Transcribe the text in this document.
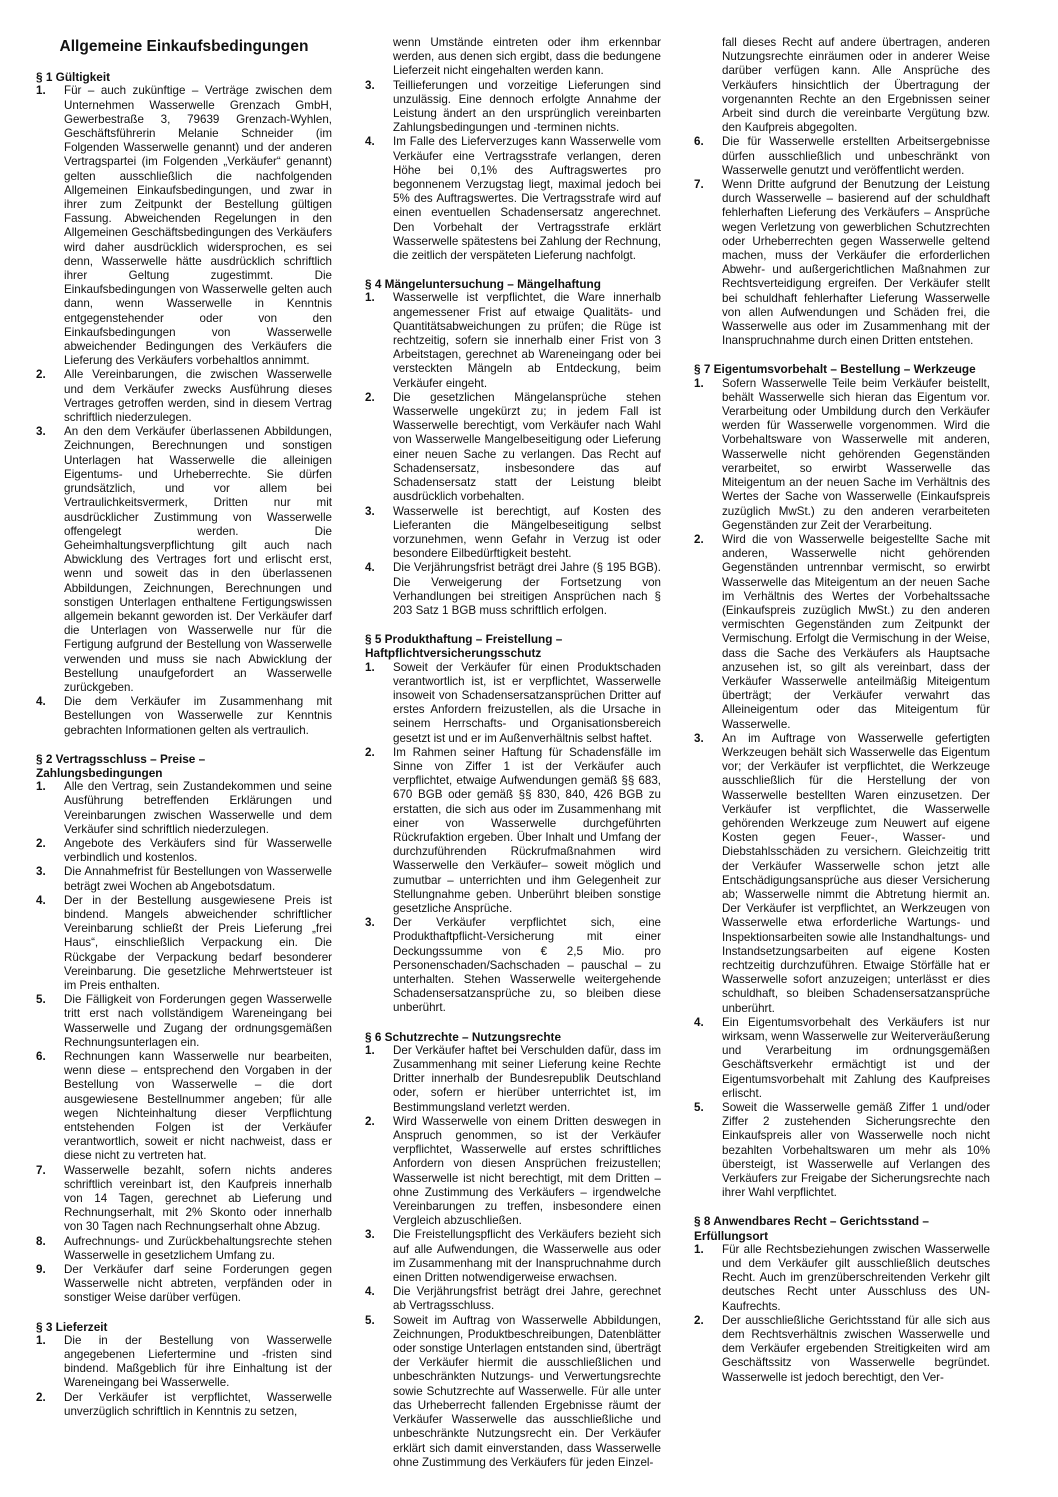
Allgemeine Einkaufsbedingungen
§ 1 Gültigkeit
1.	Für – auch zukünftige – Verträge zwischen dem Unternehmen Wasserwelle Grenzach GmbH, Gewerbestraße 3, 79639 Grenzach-Wyhlen, Geschäftsführerin Melanie Schneider (im Folgenden Wasserwelle genannt) und der anderen Vertragspartei (im Folgenden „Verkäufer“ genannt) gelten ausschließlich die nachfolgenden Allgemeinen Einkaufsbedingungen, und zwar in ihrer zum Zeitpunkt der Bestellung gültigen Fassung. Abweichenden Regelungen in den Allgemeinen Geschäftsbedingungen des Verkäufers wird daher ausdrücklich widersprochen, es sei denn, Wasserwelle hätte ausdrücklich schriftlich ihrer Geltung zugestimmt. Die Einkaufsbedingungen von Wasserwelle gelten auch dann, wenn Wasserwelle in Kenntnis entgegenstehender oder von den Einkaufsbedingungen von Wasserwelle abweichender Bedingungen des Verkäufers die Lieferung des Verkäufers vorbehaltlos annimmt.
2.	Alle Vereinbarungen, die zwischen Wasserwelle und dem Verkäufer zwecks Ausführung dieses Vertrages getroffen werden, sind in diesem Vertrag schriftlich niederzulegen.
3.	An den dem Verkäufer überlassenen Abbildungen, Zeichnungen, Berechnungen und sonstigen Unterlagen hat Wasserwelle die alleinigen Eigentums- und Urheberrechte. Sie dürfen grundsätzlich, und vor allem bei Vertraulichkeitsvermerk, Dritten nur mit ausdrücklicher Zustimmung von Wasserwelle offengelegt werden. Die Geheimhaltungsverpflichtung gilt auch nach Abwicklung des Vertrages fort und erlischt erst, wenn und soweit das in den überlassenen Abbildungen, Zeichnungen, Berechnungen und sonstigen Unterlagen enthaltene Fertigungswissen allgemein bekannt geworden ist. Der Verkäufer darf die Unterlagen von Wasserwelle nur für die Fertigung aufgrund der Bestellung von Wasserwelle verwenden und muss sie nach Abwicklung der Bestellung unaufgefordert an Wasserwelle zurückgeben.
4.	Die dem Verkäufer im Zusammenhang mit Bestellungen von Wasserwelle zur Kenntnis gebrachten Informationen gelten als vertraulich.
§ 2 Vertragsschluss – Preise – Zahlungsbedingungen
1.	Alle den Vertrag, sein Zustandekommen und seine Ausführung betreffenden Erklärungen und Vereinbarungen zwischen Wasserwelle und dem Verkäufer sind schriftlich niederzulegen.
2.	Angebote des Verkäufers sind für Wasserwelle verbindlich und kostenlos.
3.	Die Annahmefrist für Bestellungen von Wasserwelle beträgt zwei Wochen ab Angebotsdatum.
4.	Der in der Bestellung ausgewiesene Preis ist bindend. Mangels abweichender schriftlicher Vereinbarung schließt der Preis Lieferung „frei Haus“, einschließlich Verpackung ein. Die Rückgabe der Verpackung bedarf besonderer Vereinbarung. Die gesetzliche Mehrwertsteuer ist im Preis enthalten.
5.	Die Fälligkeit von Forderungen gegen Wasserwelle tritt erst nach vollständigem Wareneingang bei Wasserwelle und Zugang der ordnungsgemäßen Rechnungsunterlagen ein.
6.	Rechnungen kann Wasserwelle nur bearbeiten, wenn diese – entsprechend den Vorgaben in der Bestellung von Wasserwelle – die dort ausgewiesene Bestellnummer angeben; für alle wegen Nichteinhaltung dieser Verpflichtung entstehenden Folgen ist der Verkäufer verantwortlich, soweit er nicht nachweist, dass er diese nicht zu vertreten hat.
7.	Wasserwelle bezahlt, sofern nichts anderes schriftlich vereinbart ist, den Kaufpreis innerhalb von 14 Tagen, gerechnet ab Lieferung und Rechnungserhalt, mit 2% Skonto oder innerhalb von 30 Tagen nach Rechnungserhalt ohne Abzug.
8.	Aufrechnungs- und Zurückbehaltungsrechte stehen Wasserwelle in gesetzlichem Umfang zu.
9.	Der Verkäufer darf seine Forderungen gegen Wasserwelle nicht abtreten, verpfänden oder in sonstiger Weise darüber verfügen.
§ 3 Lieferzeit
1.	Die in der Bestellung von Wasserwelle angegebenen Liefertermine und -fristen sind bindend. Maßgeblich für ihre Einhaltung ist der Wareneingang bei Wasserwelle.
2.	Der Verkäufer ist verpflichtet, Wasserwelle unverzüglich schriftlich in Kenntnis zu setzen,
wenn Umstände eintreten oder ihm erkennbar werden, aus denen sich ergibt, dass die bedungene Lieferzeit nicht eingehalten werden kann.
3.	Teillieferungen und vorzeitige Lieferungen sind unzulässig. Eine dennoch erfolgte Annahme der Leistung ändert an den ursprünglich vereinbarten Zahlungsbedingungen und -terminen nichts.
4.	Im Falle des Lieferverzuges kann Wasserwelle vom Verkäufer eine Vertragsstrafe verlangen, deren Höhe bei 0,1% des Auftragswertes pro begonnenem Verzugstag liegt, maximal jedoch bei 5% des Auftragswertes. Die Vertragsstrafe wird auf einen eventuellen Schadensersatz angerechnet. Den Vorbehalt der Vertragsstrafe erklärt Wasserwelle spätestens bei Zahlung der Rechnung, die zeitlich der verspäteten Lieferung nachfolgt.
§ 4 Mängeluntersuchung – Mängelhaftung
1.	Wasserwelle ist verpflichtet, die Ware innerhalb angemessener Frist auf etwaige Qualitäts- und Quantitätsabweichungen zu prüfen; die Rüge ist rechtzeitig, sofern sie innerhalb einer Frist von 3 Arbeitstagen, gerechnet ab Wareneingang oder bei versteckten Mängeln ab Entdeckung, beim Verkäufer eingeht.
2.	Die gesetzlichen Mängelansprüche stehen Wasserwelle ungekürzt zu; in jedem Fall ist Wasserwelle berechtigt, vom Verkäufer nach Wahl von Wasserwelle Mangelbeseitigung oder Lieferung einer neuen Sache zu verlangen. Das Recht auf Schadensersatz, insbesondere das auf Schadensersatz statt der Leistung bleibt ausdrücklich vorbehalten.
3.	Wasserwelle ist berechtigt, auf Kosten des Lieferanten die Mängelbeseitigung selbst vorzunehmen, wenn Gefahr in Verzug ist oder besondere Eilbedürftigkeit besteht.
4.	Die Verjährungsfrist beträgt drei Jahre (§ 195 BGB). Die Verweigerung der Fortsetzung von Verhandlungen bei streitigen Ansprüchen nach § 203 Satz 1 BGB muss schriftlich erfolgen.
§ 5 Produkthaftung – Freistellung – Haftpflichtversicherungsschutz
1.	Soweit der Verkäufer für einen Produktschaden verantwortlich ist, ist er verpflichtet, Wasserwelle insoweit von Schadensersatzansprüchen Dritter auf erstes Anfordern freizustellen, als die Ursache in seinem Herrschafts- und Organisationsbereich gesetzt ist und er im Außenverhältnis selbst haftet.
2.	Im Rahmen seiner Haftung für Schadensfälle im Sinne von Ziffer 1 ist der Verkäufer auch verpflichtet, etwaige Aufwendungen gemäß §§ 683, 670 BGB oder gemäß §§ 830, 840, 426 BGB zu erstatten, die sich aus oder im Zusammenhang mit einer von Wasserwelle durchgeführten Rückrufaktion ergeben. Über Inhalt und Umfang der durchzuführenden Rückrufmaßnahmen wird Wasserwelle den Verkäufer– soweit möglich und zumutbar – unterrichten und ihm Gelegenheit zur Stellungnahme geben. Unberührt bleiben sonstige gesetzliche Ansprüche.
3.	Der Verkäufer verpflichtet sich, eine Produkthaftpflicht-Versicherung mit einer Deckungssumme von € 2,5 Mio. pro Personenschaden/Sachschaden – pauschal – zu unterhalten. Stehen Wasserwelle weitergehende Schadensersatzansprüche zu, so bleiben diese unberührt.
§ 6 Schutzrechte – Nutzungsrechte
1.	Der Verkäufer haftet bei Verschulden dafür, dass im Zusammenhang mit seiner Lieferung keine Rechte Dritter innerhalb der Bundesrepublik Deutschland oder, sofern er hierüber unterrichtet ist, im Bestimmungsland verletzt werden.
2.	Wird Wasserwelle von einem Dritten deswegen in Anspruch genommen, so ist der Verkäufer verpflichtet, Wasserwelle auf erstes schriftliches Anfordern von diesen Ansprüchen freizustellen; Wasserwelle ist nicht berechtigt, mit dem Dritten – ohne Zustimmung des Verkäufers – irgendwelche Vereinbarungen zu treffen, insbesondere einen Vergleich abzuschließen.
3.	Die Freistellungspflicht des Verkäufers bezieht sich auf alle Aufwendungen, die Wasserwelle aus oder im Zusammenhang mit der Inanspruchnahme durch einen Dritten notwendigerweise erwachsen.
4.	Die Verjährungsfrist beträgt drei Jahre, gerechnet ab Vertragsschluss.
5.	Soweit im Auftrag von Wasserwelle Abbildungen, Zeichnungen, Produktbeschreibungen, Datenblätter oder sonstige Unterlagen entstanden sind, überträgt der Verkäufer hiermit die ausschließlichen und unbeschränkten Nutzungs- und Verwertungsrechte sowie Schutzrechte auf Wasserwelle. Für alle unter das Urheberrecht fallenden Ergebnisse räumt der Verkäufer Wasserwelle das ausschließliche und unbeschränkte Nutzungsrecht ein. Der Verkäufer erklärt sich damit einverstanden, dass Wasserwelle ohne Zustimmung des Verkäufers für jeden Einzel-
fall dieses Recht auf andere übertragen, anderen Nutzungsrechte einräumen oder in anderer Weise darüber verfügen kann. Alle Ansprüche des Verkäufers hinsichtlich der Übertragung der vorgenannten Rechte an den Ergebnissen seiner Arbeit sind durch die vereinbarte Vergütung bzw. den Kaufpreis abgegolten.
6.	Die für Wasserwelle erstellten Arbeitsergebnisse dürfen ausschließlich und unbeschränkt von Wasserwelle genutzt und veröffentlicht werden.
7.	Wenn Dritte aufgrund der Benutzung der Leistung durch Wasserwelle – basierend auf der schuldhaft fehlerhaften Lieferung des Verkäufers – Ansprüche wegen Verletzung von gewerblichen Schutzrechten oder Urheberrechten gegen Wasserwelle geltend machen, muss der Verkäufer die erforderlichen Abwehr- und außergerichtlichen Maßnahmen zur Rechtsverteidigung ergreifen. Der Verkäufer stellt bei schuldhaft fehlerhafter Lieferung Wasserwelle von allen Aufwendungen und Schäden frei, die Wasserwelle aus oder im Zusammenhang mit der Inanspruchnahme durch einen Dritten entstehen.
§ 7 Eigentumsvorbehalt – Bestellung – Werkzeuge
1.	Sofern Wasserwelle Teile beim Verkäufer beistellt, behält Wasserwelle sich hieran das Eigentum vor. Verarbeitung oder Umbildung durch den Verkäufer werden für Wasserwelle vorgenommen. Wird die Vorbehaltsware von Wasserwelle mit anderen, Wasserwelle nicht gehörenden Gegenständen verarbeitet, so erwirbt Wasserwelle das Miteigentum an der neuen Sache im Verhältnis des Wertes der Sache von Wasserwelle (Einkaufspreis zuzüglich MwSt.) zu den anderen verarbeiteten Gegenständen zur Zeit der Verarbeitung.
2.	Wird die von Wasserwelle beigestellte Sache mit anderen, Wasserwelle nicht gehörenden Gegenständen untrennbar vermischt, so erwirbt Wasserwelle das Miteigentum an der neuen Sache im Verhältnis des Wertes der Vorbehaltssache (Einkaufspreis zuzüglich MwSt.) zu den anderen vermischten Gegenständen zum Zeitpunkt der Vermischung. Erfolgt die Vermischung in der Weise, dass die Sache des Verkäufers als Hauptsache anzusehen ist, so gilt als vereinbart, dass der Verkäufer Wasserwelle anteilmäßig Miteigentum überträgt; der Verkäufer verwahrt das Alleineigentum oder das Miteigentum für Wasserwelle.
3.	An im Auftrage von Wasserwelle gefertigten Werkzeugen behält sich Wasserwelle das Eigentum vor; der Verkäufer ist verpflichtet, die Werkzeuge ausschließlich für die Herstellung der von Wasserwelle bestellten Waren einzusetzen. Der Verkäufer ist verpflichtet, die Wasserwelle gehörenden Werkzeuge zum Neuwert auf eigene Kosten gegen Feuer-, Wasser- und Diebstahlsschäden zu versichern. Gleichzeitig tritt der Verkäufer Wasserwelle schon jetzt alle Entschädigungsansprüche aus dieser Versicherung ab; Wasserwelle nimmt die Abtretung hiermit an. Der Verkäufer ist verpflichtet, an Werkzeugen von Wasserwelle etwa erforderliche Wartungs- und Inspektionsarbeiten sowie alle Instandhaltungs- und Instandsetzungsarbeiten auf eigene Kosten rechtzeitig durchzuführen. Etwaige Störfälle hat er Wasserwelle sofort anzuzeigen; unterlässt er dies schuldhaft, so bleiben Schadensersatzansprüche unberührt.
4.	Ein Eigentumsvorbehalt des Verkäufers ist nur wirksam, wenn Wasserwelle zur Weiterveräußerung und Verarbeitung im ordnungsgemäßen Geschäftsverkehr ermächtigt ist und der Eigentumsvorbehalt mit Zahlung des Kaufpreises erlischt.
5.	Soweit die Wasserwelle gemäß Ziffer 1 und/oder Ziffer 2 zustehenden Sicherungsrechte den Einkaufspreis aller von Wasserwelle noch nicht bezahlten Vorbehaltswaren um mehr als 10% übersteigt, ist Wasserwelle auf Verlangen des Verkäufers zur Freigabe der Sicherungsrechte nach ihrer Wahl verpflichtet.
§ 8 Anwendbares Recht – Gerichtsstand – Erfüllungsort
1.	Für alle Rechtsbeziehungen zwischen Wasserwelle und dem Verkäufer gilt ausschließlich deutsches Recht. Auch im grenzüberschreitenden Verkehr gilt deutsches Recht unter Ausschluss des UN-Kaufrechts.
2.	Der ausschließliche Gerichtsstand für alle sich aus dem Rechtsverhältnis zwischen Wasserwelle und dem Verkäufer ergebenden Streitigkeiten wird am Geschäftssitz von Wasserwelle begründet. Wasserwelle ist jedoch berechtigt, den Ver-
